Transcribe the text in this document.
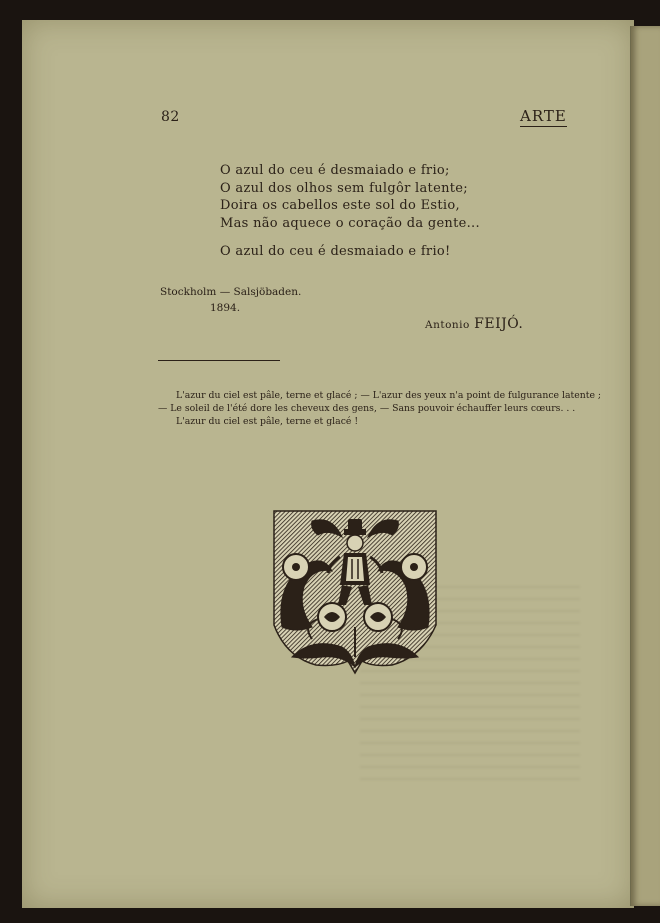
82	ARTE
O azul do ceu é desmaiado e frio;
O azul dos olhos sem fulgôr latente;
Doira os cabellos este sol do Estio,
Mas não aquece o coração da gente...
O azul do ceu é desmaiado e frio!
Stockholm — Salsjöbaden.
1894.
Antonio FEIJÓ.
L'azur du ciel est pâle, terne et glacé ; — L'azur des yeux n'a point de fulgurance latente ;
— Le soleil de l'été dore les cheveux des gens, — Sans pouvoir échauffer leurs cœurs. . .
L'azur du ciel est pâle, terne et glacé !
